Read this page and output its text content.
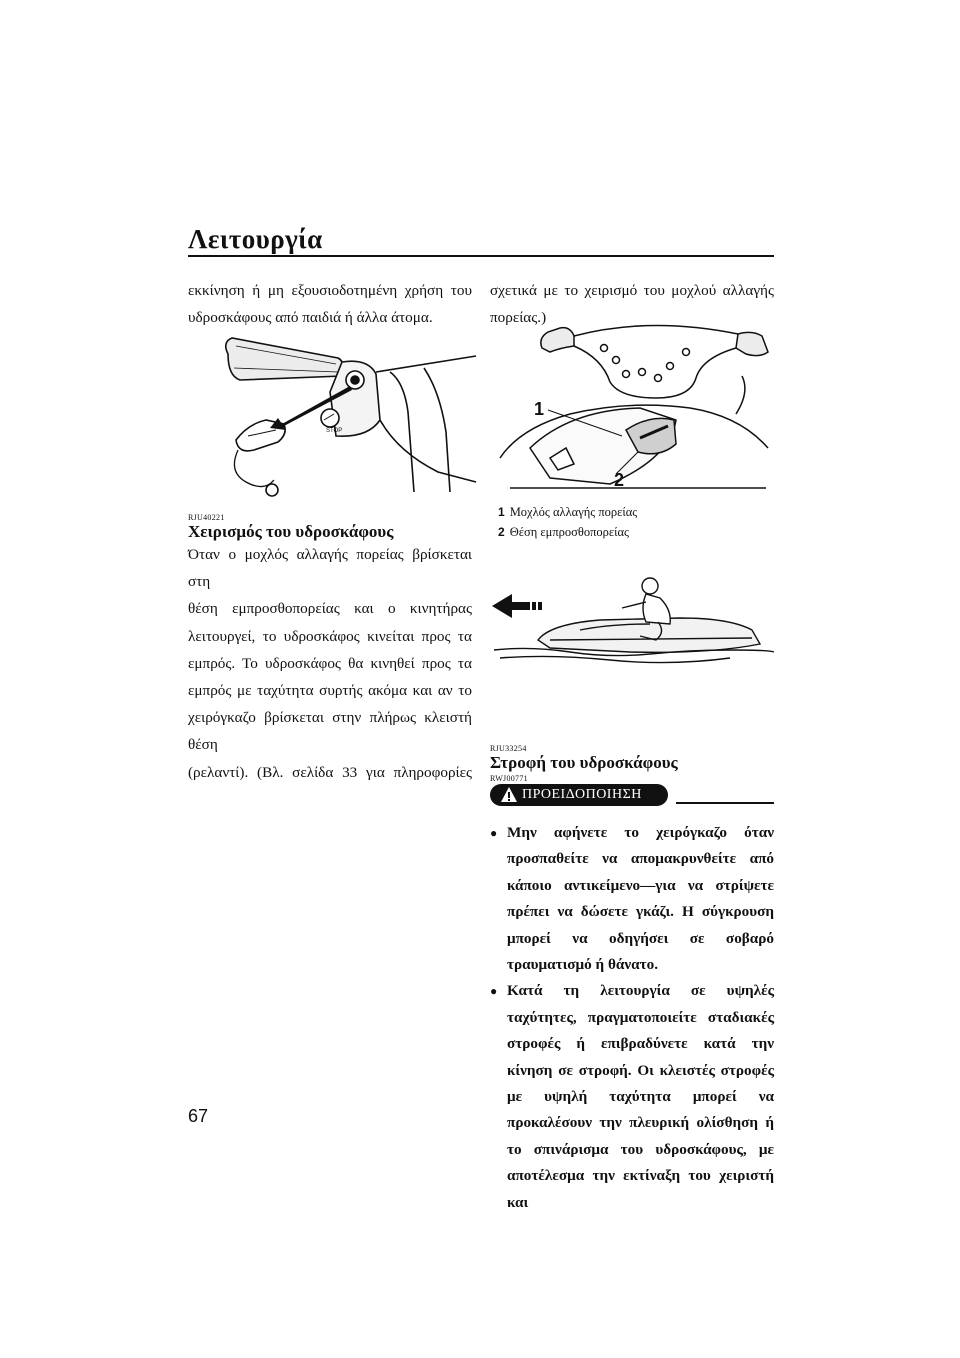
Λειτουργία

εκκίνηση ή μη εξουσιοδοτημένη χρήση του

υδροσκάφους από παιδιά ή άλλα άτομα.

STOP
RJU40221
Χειρισμός του υδροσκάφους

Όταν ο μοχλός αλλαγής πορείας βρίσκεται στη

θέση εμπροσθοπορείας και ο κινητήρας

λειτουργεί, το υδροσκάφος κινείται προς τα

εμπρός. Το υδροσκάφος θα κινηθεί προς τα

εμπρός με ταχύτητα συρτής ακόμα και αν το

χειρόγκαζο βρίσκεται στην πλήρως κλειστή θέση

(ρελαντί). (Βλ. σελίδα 33 για πληροφορίες

σχετικά με το χειρισμό του μοχλού αλλαγής

πορείας.)

1
2
1 Μοχλός αλλαγής πορείας
2 Θέση εμπροσθοπορείας
RJU33254
Στροφή του υδροσκάφους
RWJ00771
ΠΡΟΕΙΔΟΠΟΙΗΣΗ
● Μην αφήνετε το χειρόγκαζο όταν προσπαθείτε να απομακρυνθείτε από κάποιο αντικείμενο—για να στρίψετε πρέπει να δώσετε γκάζι. Η σύγκρουση μπορεί να οδηγήσει σε σοβαρό τραυματισμό ή θάνατο.
● Κατά τη λειτουργία σε υψηλές ταχύτητες, πραγματοποιείτε σταδιακές στροφές ή επιβραδύνετε κατά την κίνηση σε στροφή. Οι κλειστές στροφές με υψηλή ταχύτητα μπορεί να προκαλέσουν την πλευρική ολίσθηση ή το σπινάρισμα του υδροσκάφους, με αποτέλεσμα την εκτίναξη του χειριστή και
67
